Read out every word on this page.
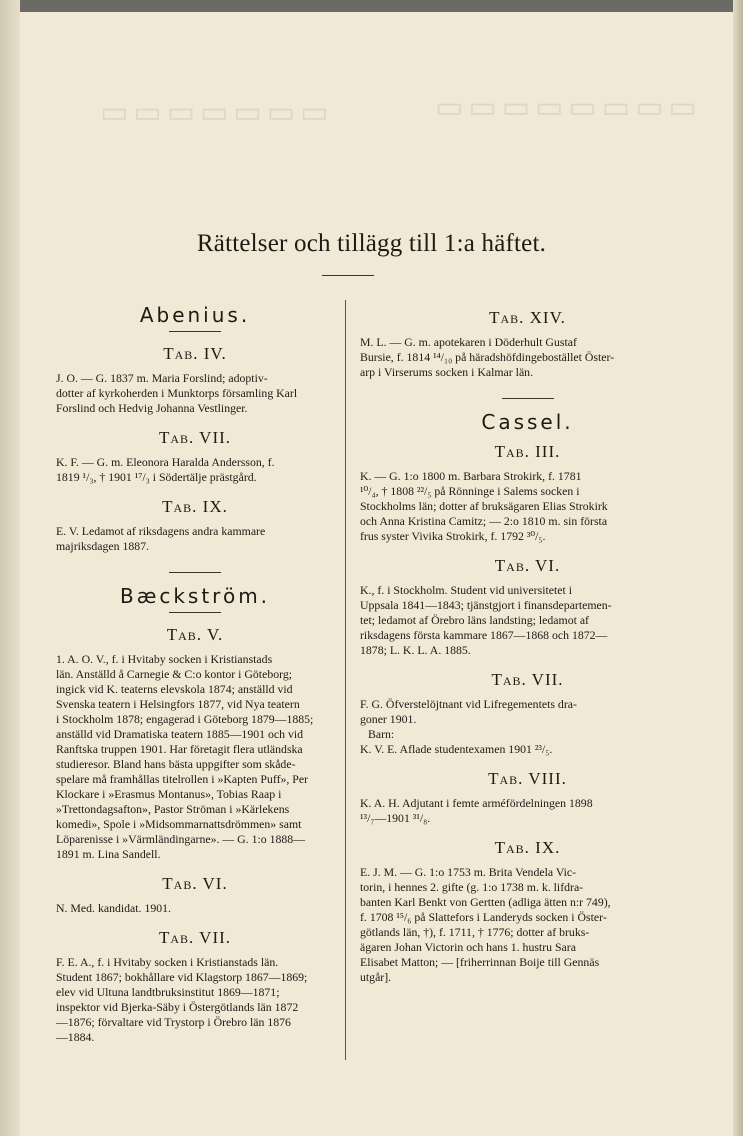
▭▭▭▭▭▭▭▭
▭▭▭▭▭▭▭
Rättelser och tillägg till 1:a häftet.
Abenius.
Tab. IV.

J. O. — G. 1837 m. Maria Forslind; adoptiv-
dotter af kyrkoherden i Munktorps församling Karl
Forslind och Hedvig Johanna Vestlinger.

Tab. VII.

K. F. — G. m. Eleonora Haralda Andersson, f.
1819 ¹/₃, † 1901 ¹⁷/₃ i Södertälje prästgård.

Tab. IX.

E. V. Ledamot af riksdagens andra kammare
majriksdagen 1887.

Bæckström.
Tab. V.

1. A. O. V., f. i Hvitaby socken i Kristianstads
län. Anställd å Carnegie & C:o kontor i Göteborg;
ingick vid K. teaterns elevskola 1874; anställd vid
Svenska teatern i Helsingfors 1877, vid Nya teatern
i Stockholm 1878; engagerad i Göteborg 1879—1885;
anställd vid Dramatiska teatern 1885—1901 och vid
Ranftska truppen 1901. Har företagit flera utländska
studieresor. Bland hans bästa uppgifter som skåde-
spelare må framhållas titelrollen i »Kapten Puff», Per
Klockare i »Erasmus Montanus», Tobias Raap i
»Trettondagsafton», Pastor Ströman i »Kärlekens
komedi», Spole i »Midsommarnattsdrömmen» samt
Löparenisse i »Värmländingarne». — G. 1:o 1888—
1891 m. Lina Sandell.

Tab. VI.

N. Med. kandidat. 1901.

Tab. VII.

F. E. A., f. i Hvitaby socken i Kristianstads län.
Student 1867; bokhållare vid Klagstorp 1867—1869;
elev vid Ultuna landtbruksinstitut 1869—1871;
inspektor vid Bjerka-Säby i Östergötlands län 1872
—1876; förvaltare vid Trystorp i Örebro län 1876
—1884.

Tab. XIV.

M. L. — G. m. apotekaren i Döderhult Gustaf
Bursie, f. 1814 ¹⁴/₁₀ på häradshöfdingebostället Öster-
arp i Virserums socken i Kalmar län.

Cassel.
Tab. III.

K. — G. 1:o 1800 m. Barbara Strokirk, f. 1781
¹⁰/₄, † 1808 ²²/₅ på Rönninge i Salems socken i
Stockholms län; dotter af bruksägaren Elias Strokirk
och Anna Kristina Camitz; — 2:o 1810 m. sin första
frus syster Vivika Strokirk, f. 1792 ³⁰/₅.

Tab. VI.

K., f. i Stockholm. Student vid universitetet i
Uppsala 1841—1843; tjänstgjort i finansdepartemen-
tet; ledamot af Örebro läns landsting; ledamot af
riksdagens första kammare 1867—1868 och 1872—
1878; L. K. L. A. 1885.

Tab. VII.

F. G. Öfverstelöjtnant vid Lifregementets dra-
goner 1901.
Barn:
K. V. E. Aflade studentexamen 1901 ²³/₅.

Tab. VIII.

K. A. H. Adjutant i femte arméfördelningen 1898
¹³/₇—1901 ³¹/₈.

Tab. IX.

E. J. M. — G. 1:o 1753 m. Brita Vendela Vic-
torin, i hennes 2. gifte (g. 1:o 1738 m. k. lifdra-
banten Karl Benkt von Gertten (adliga ätten n:r 749),
f. 1708 ¹⁵/₆ på Slattefors i Landeryds socken i Öster-
götlands län, †), f. 1711, † 1776; dotter af bruks-
ägaren Johan Victorin och hans 1. hustru Sara
Elisabet Matton; — [friherrinnan Boije till Gennäs
utgår].
